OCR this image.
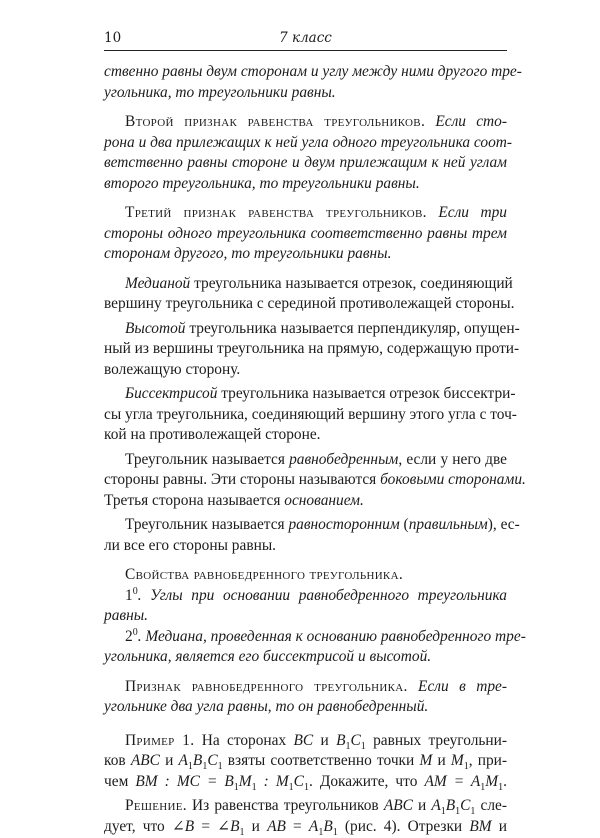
10	7 класс

ственно равны двум сторонам и углу между ними другого тре-
угольника, то треугольники равны.

Второй признак равенства треугольников. Если сто-
рона и два прилежащих к ней угла одного треугольника соот-
ветственно равны стороне и двум прилежащим к ней углам
второго треугольника, то треугольники равны.

Третий признак равенства треугольников. Если три
стороны одного треугольника соответственно равны трем
сторонам другого, то треугольники равны.

Медианой треугольника называется отрезок, соединяющий
вершину треугольника с серединой противолежащей стороны.

Высотой треугольника называется перпендикуляр, опущен-
ный из вершины треугольника на прямую, содержащую проти-
волежащую сторону.

Биссектрисой треугольника называется отрезок биссектри-
сы угла треугольника, соединяющий вершину этого угла с точ-
кой на противолежащей стороне.

Треугольник называется равнобедренным, если у него две
стороны равны. Эти стороны называются боковыми сторонами.
Третья сторона называется основанием.

Треугольник называется равносторонним (правильным), ес-
ли все его стороны равны.

Свойства равнобедренного треугольника.
$1^0$. Углы при основании равнобедренного треугольника
равны.
$2^0$. Медиана, проведенная к основанию равнобедренного тре-
угольника, является его биссектрисой и высотой.

Признак равнобедренного треугольника. Если в тре-
угольнике два угла равны, то он равнобедренный.

Пример 1. На сторонах BC и $B_1C_1$ равных треугольни-
ков ABC и $A_1B_1C_1$ взяты соответственно точки M и $M_1$, при-
чем BM : MC = $B_1M_1$ : $M_1C_1$. Докажите, что AM = $A_1M_1$.

Решение. Из равенства треугольников ABC и $A_1B_1C_1$ сле-
дует, что ∠B = $\angle B_1$ и AB = $A_1B_1$ (рис. 4). Отрезки BM и
